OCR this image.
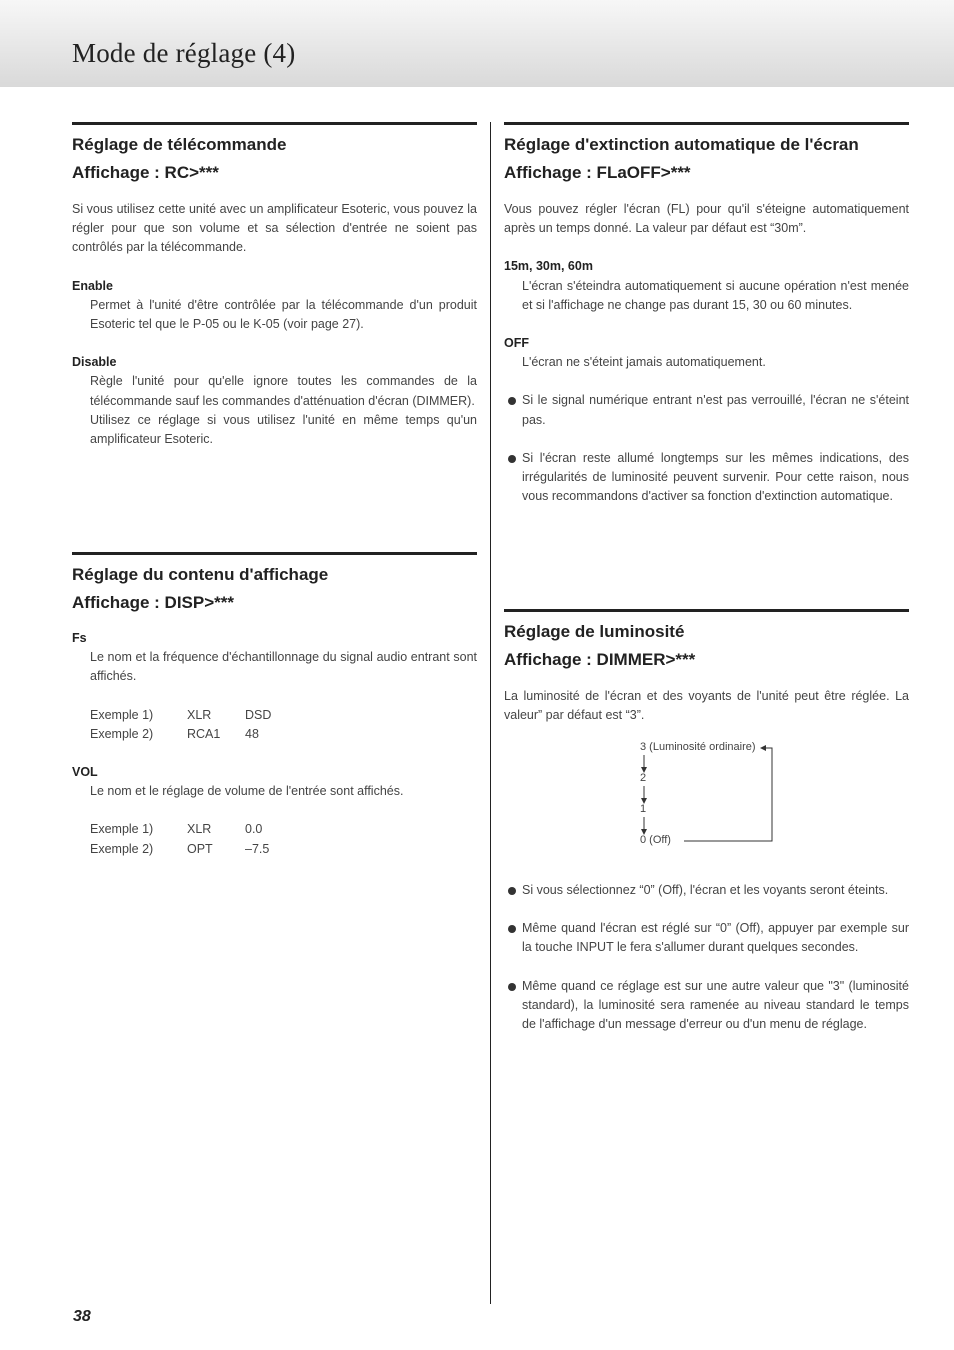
Mode de réglage (4)
Réglage de télécommande
Affichage : RC>***

Si vous utilisez cette unité avec un amplificateur Esoteric, vous pouvez la régler pour que son volume et sa sélection d'entrée ne soient pas contrôlés par la télécommande.

Enable

Permet à l'unité d'être contrôlée par la télécommande d'un produit Esoteric tel que le P-05 ou le K-05 (voir page 27).

Disable

Règle l'unité pour qu'elle ignore toutes les commandes de la télécommande sauf les commandes d'atténuation d'écran (DIMMER).

Utilisez ce réglage si vous utilisez l'unité en même temps qu'un amplificateur Esoteric.

Réglage du contenu d'affichage
Affichage : DISP>***

Fs

Le nom et la fréquence d'échantillonnage du signal audio entrant sont affichés.

Exemple 1)	XLR	DSD
Exemple 2)	RCA1	48

VOL

Le nom et le réglage de volume de l'entrée sont affichés.

Exemple 1)	XLR	0.0
Exemple 2)	OPT	–7.5
Réglage d'extinction automatique de l'écran
Affichage : FLaOFF>***

Vous pouvez régler l'écran (FL) pour qu'il s'éteigne automatiquement après un temps donné. La valeur par défaut est “30m”.

15m, 30m, 60m

L'écran s'éteindra automatiquement si aucune opération n'est menée et si l'affichage ne change pas durant 15, 30 ou 60 minutes.

OFF

L'écran ne s'éteint jamais automatiquement.

Si le signal numérique entrant n'est pas verrouillé, l'écran ne s'éteint pas.

Si l'écran reste allumé longtemps sur les mêmes indications, des irrégularités de luminosité peuvent survenir. Pour cette raison, nous vous recommandons d'activer sa fonction d'extinction automatique.

Réglage de luminosité
Affichage : DIMMER>***

La luminosité de l'écran et des voyants de l'unité peut être réglée. La valeur” par défaut est “3”.

3 (Luminosité ordinaire)
2
1
0 (Off)

Si vous sélectionnez “0” (Off), l'écran et les voyants seront éteints.

Même quand l'écran est réglé sur “0” (Off), appuyer par exemple sur la touche INPUT le fera s'allumer durant quelques secondes.

Même quand ce réglage est sur une autre valeur que "3" (luminosité standard), la luminosité sera ramenée au niveau standard le temps de l'affichage d'un message d'erreur ou d'un menu de réglage.

38
